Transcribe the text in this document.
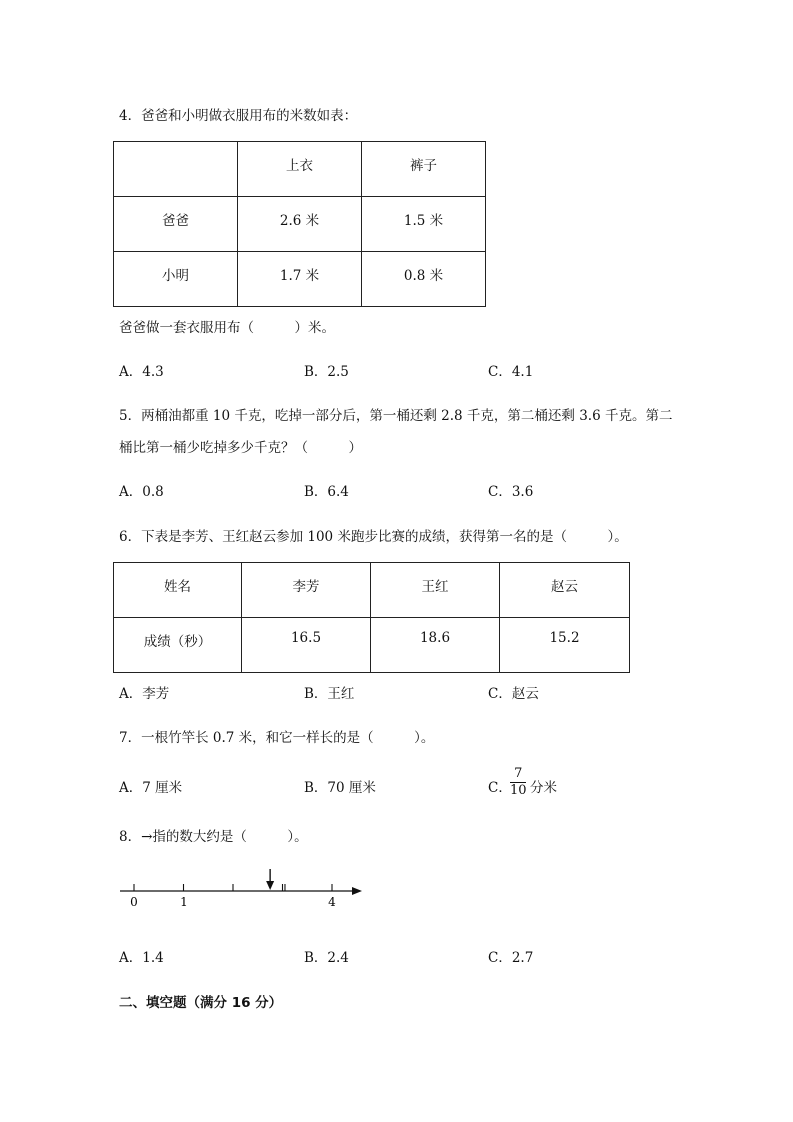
4．爸爸和小明做衣服用布的米数如表：
	上衣	裤子
爸爸	2.6 米	1.5 米
小明	1.7 米	0.8 米
爸爸做一套衣服用布（　　　）米。
A．4.3	B．2.5	C．4.1
5．两桶油都重 10 千克，吃掉一部分后，第一桶还剩 2.8 千克，第二桶还剩 3.6 千克。第二
桶比第一桶少吃掉多少千克？（　　　）
A．0.8	B．6.4	C．3.6
6．下表是李芳、王红赵云参加 100 米跑步比赛的成绩，获得第一名的是（　　　）。
姓名	李芳	王红	赵云
成绩（秒）	16.5	18.6	15.2
A．李芳	B．王红	C．赵云
7．一根竹竿长 0.7 米，和它一样长的是（　　　）。
A．7 厘米	B．70 厘米	C．
7
10 分米
8．→指的数大约是（　　　）。
0	1	4
A．1.4	B．2.4	C．2.7
二、填空题（满分 16 分）
